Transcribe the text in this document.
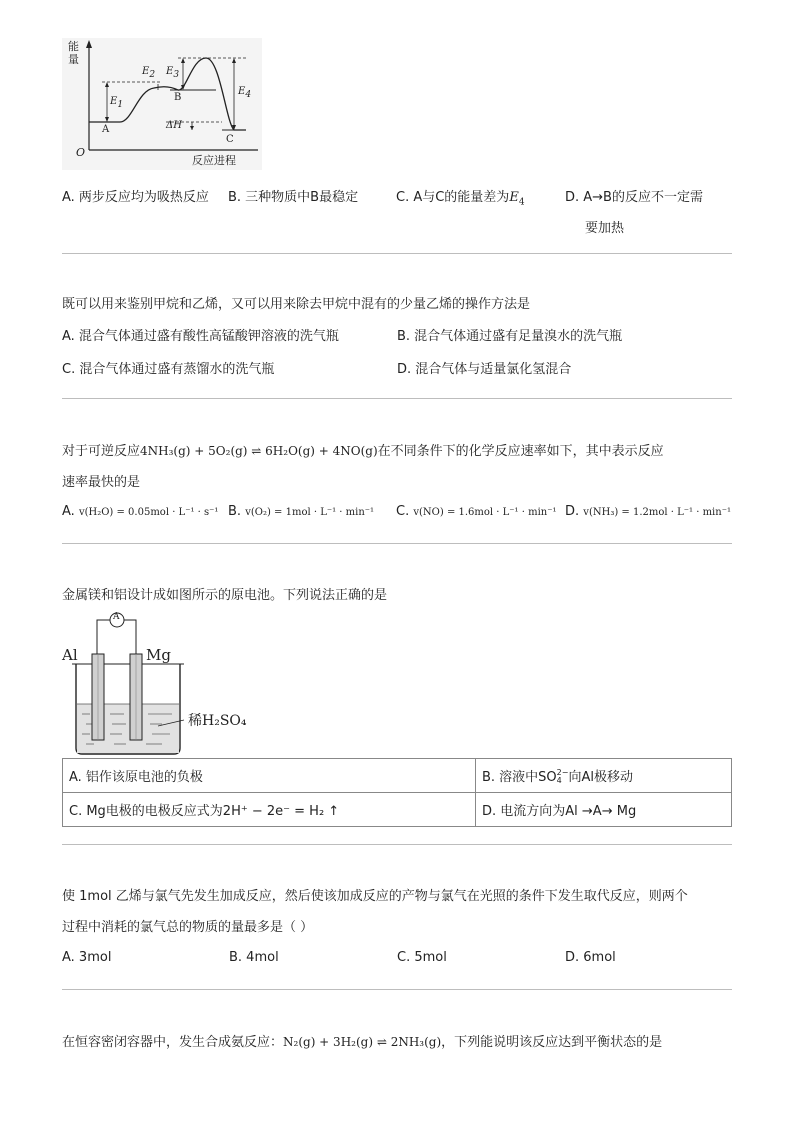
能量
O
反应进程
A
B
C
$E_1$
$E_2$ $E_3$
$E_4$
ΔH
A. 两步反应均为吸热反应 B. 三种物质中B最稳定	C. A与C的能量差为$E_4$	D. A→B的反应不一定需
要加热
既可以用来鉴别甲烷和乙烯，又可以用来除去甲烷中混有的少量乙烯的操作方法是
A. 混合气体通过盛有酸性高锰酸钾溶液的洗气瓶	B. 混合气体通过盛有足量溴水的洗气瓶
C. 混合气体通过盛有蒸馏水的洗气瓶	D. 混合气体与适量氯化氢混合
对于可逆反应4NH₃(g) + 5O₂(g) ⇌ 6H₂O(g) + 4NO(g)在不同条件下的化学反应速率如下，其中表示反应
速率最快的是
A. v(H₂O) = 0.05mol · L⁻¹ · s⁻¹ B. v(O₂) = 1mol · L⁻¹ · min⁻¹ C. v(NO) = 1.6mol · L⁻¹ · min⁻¹ D. v(NH₃) = 1.2mol · L⁻¹ · min⁻¹
金属镁和铝设计成如图所示的原电池。下列说法正确的是
A
Al	Mg
稀H₂SO₄
A. 铝作该原电池的负极	B. 溶液中SO 2−
4 向Al极移动
C. Mg电极的电极反应式为2H⁺ − 2e⁻ = H₂ ↑	D. 电流方向为Al →A→ Mg
使 1mol 乙烯与氯气先发生加成反应，然后使该加成反应的产物与氯气在光照的条件下发生取代反应，则两个
过程中消耗的氯气总的物质的量最多是（ ）
A. 3mol	B. 4mol	C. 5mol	D. 6mol
在恒容密闭容器中，发生合成氨反应：N₂(g) + 3H₂(g) ⇌ 2NH₃(g)，下列能说明该反应达到平衡状态的是
